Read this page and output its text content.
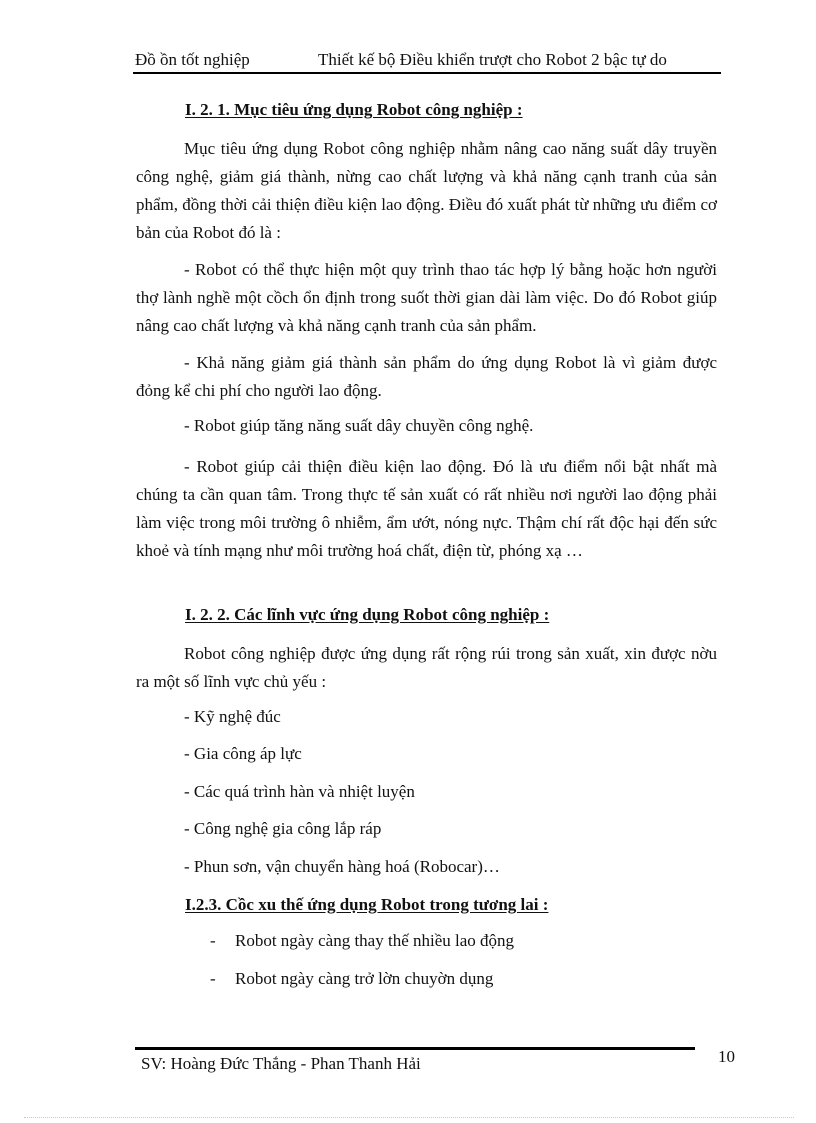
Đồ ồn tốt nghiệp	Thiết kế bộ Điều khiển trượt cho Robot 2 bậc tự do
I. 2. 1. Mục tiêu ứng dụng Robot công nghiệp :
Mục tiêu ứng dụng Robot công nghiệp nhằm nâng cao năng suất dây truyền công nghệ, giảm giá thành, nừng cao chất lượng và khả năng cạnh tranh của sản phẩm, đồng thời cải thiện điều kiện lao động. Điều đó xuất phát từ những ưu điểm cơ bản của Robot đó là :
- Robot có thể thực hiện một quy trình thao tác hợp lý bằng hoặc hơn người thợ lành nghề một cồch ổn định trong suốt thời gian dài làm việc. Do đó Robot giúp nâng cao chất lượng và khả năng cạnh tranh của sản phẩm.
- Khả năng giảm giá thành sản phẩm do ứng dụng Robot là vì giảm được đỏng kể chi phí cho người lao động.
- Robot giúp tăng năng suất dây chuyền công nghệ.
- Robot giúp cải thiện điều kiện lao động. Đó là ưu điểm nổi bật nhất mà chúng ta cần quan tâm. Trong thực tế sản xuất có rất nhiều nơi người lao động phải làm việc trong môi trường ô nhiễm, ẩm ướt, nóng nực. Thậm chí rất độc hại đến sức khoẻ và tính mạng như môi trường hoá chất, điện từ, phóng xạ …
I. 2. 2. Các lĩnh vực ứng dụng Robot công nghiệp :
Robot công nghiệp được ứng dụng rất rộng rúi trong sản xuất, xin được nờu ra một số lĩnh vực chủ yếu :
- Kỹ nghệ đúc
- Gia công áp lực
- Các quá trình hàn và nhiệt luyện
- Công nghệ gia công lắp ráp
- Phun sơn, vận chuyển hàng hoá (Robocar)…
I.2.3. Cồc xu thế ứng dụng Robot trong tương lai :
- Robot ngày càng thay thế nhiều lao động
- Robot ngày càng trở lờn chuyờn dụng
SV: Hoàng Đức Thắng - Phan Thanh Hải	10
